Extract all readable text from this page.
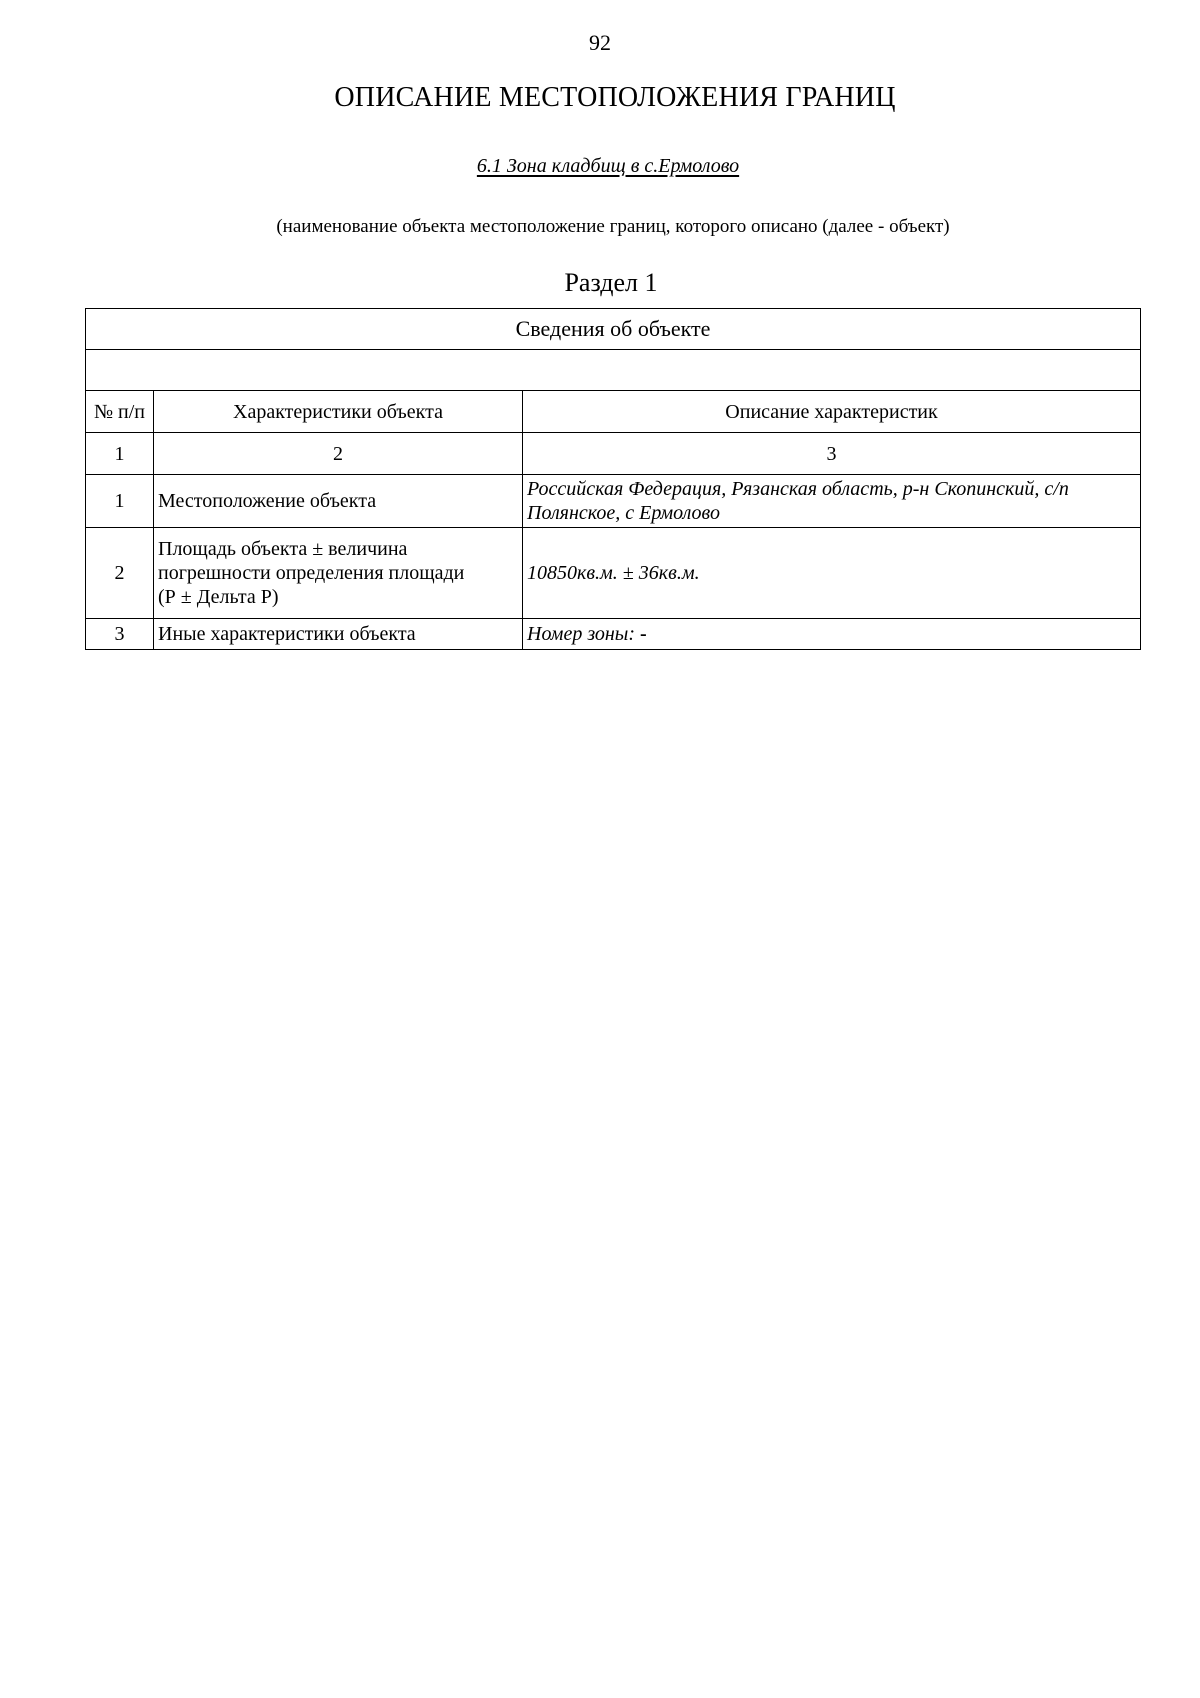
92
ОПИСАНИЕ МЕСТОПОЛОЖЕНИЯ ГРАНИЦ
6.1 Зона кладбищ в с.Ермолово
(наименование объекта местоположение границ, которого описано (далее - объект)
Раздел 1
Сведения об объекте		

№ п/п	Характеристики объекта	Описание характеристик
1	2	3
1	Местоположение объекта	Российская Федерация, Рязанская область, р-н Скопинский, с/п Полянское, с Ермолово
2	Площадь объекта ± величина
погрешности определения площади
(Р ± Дельта Р)	10850кв.м. ± 36кв.м.
3	Иные характеристики объекта	Номер зоны: -
